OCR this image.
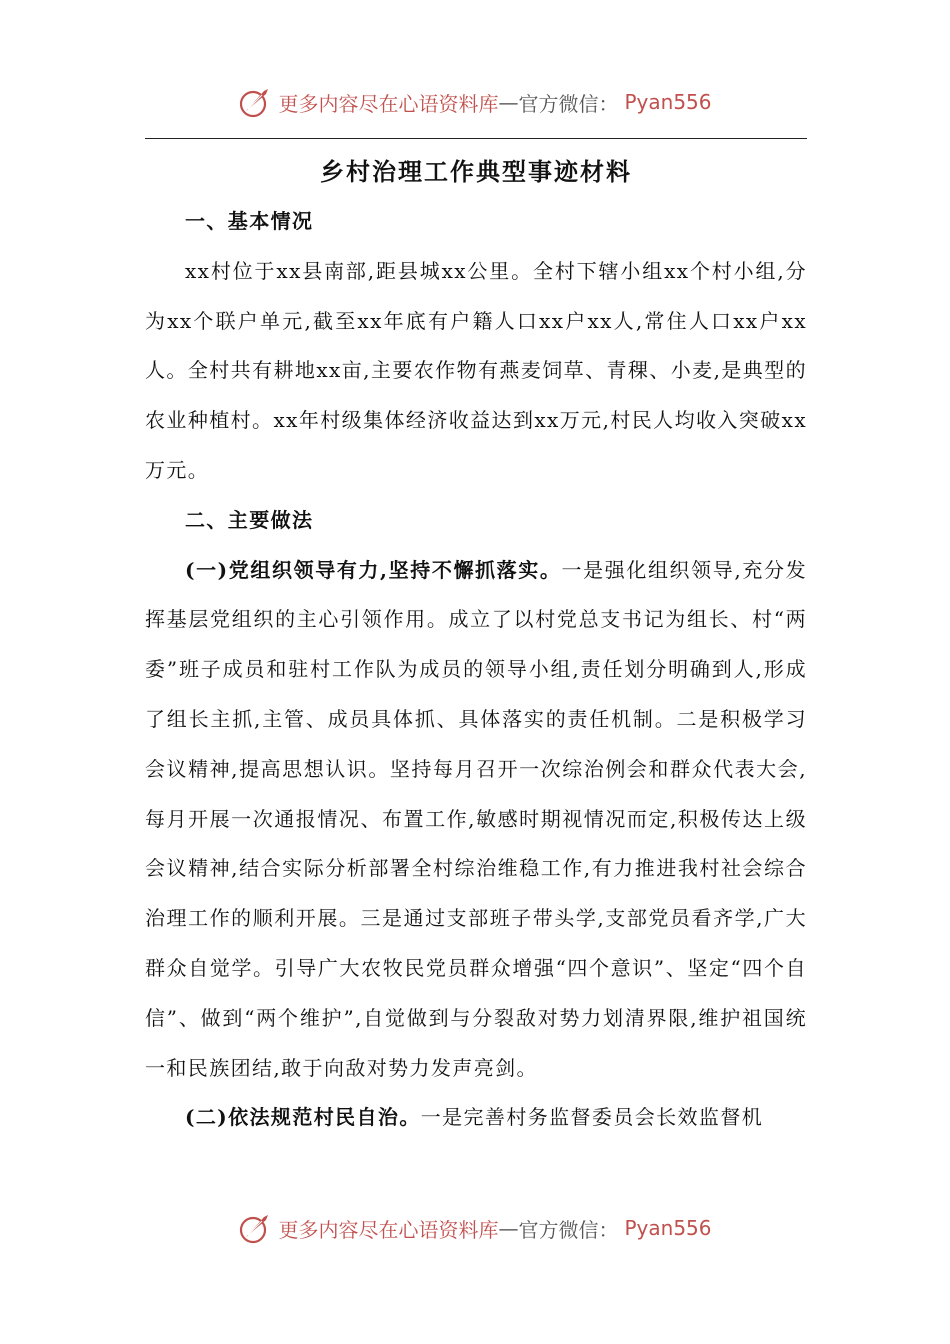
更多内容尽在心语资料库 — 官方微信： Pyan556
乡村治理工作典型事迹材料
一、基本情况

xx村位于xx县南部,距县城xx公里。全村下辖小组xx个村小组,分为xx个联户单元,截至xx年底有户籍人口xx户xx人,常住人口xx户xx人。全村共有耕地xx亩,主要农作物有燕麦饲草、青稞、小麦,是典型的农业种植村。xx年村级集体经济收益达到xx万元,村民人均收入突破xx万元。

二、主要做法

(一)党组织领导有力,坚持不懈抓落实。一是强化组织领导,充分发挥基层党组织的主心引领作用。成立了以村党总支书记为组长、村“两委”班子成员和驻村工作队为成员的领导小组,责任划分明确到人,形成了组长主抓,主管、成员具体抓、具体落实的责任机制。二是积极学习会议精神,提高思想认识。坚持每月召开一次综治例会和群众代表大会,每月开展一次通报情况、布置工作,敏感时期视情况而定,积极传达上级会议精神,结合实际分析部署全村综治维稳工作,有力推进我村社会综合治理工作的顺利开展。三是通过支部班子带头学,支部党员看齐学,广大群众自觉学。引导广大农牧民党员群众增强“四个意识”、坚定“四个自信”、做到“两个维护”,自觉做到与分裂敌对势力划清界限,维护祖国统一和民族团结,敢于向敌对势力发声亮剑。

(二)依法规范村民自治。一是完善村务监督委员会长效监督机

更多内容尽在心语资料库 — 官方微信： Pyan556
